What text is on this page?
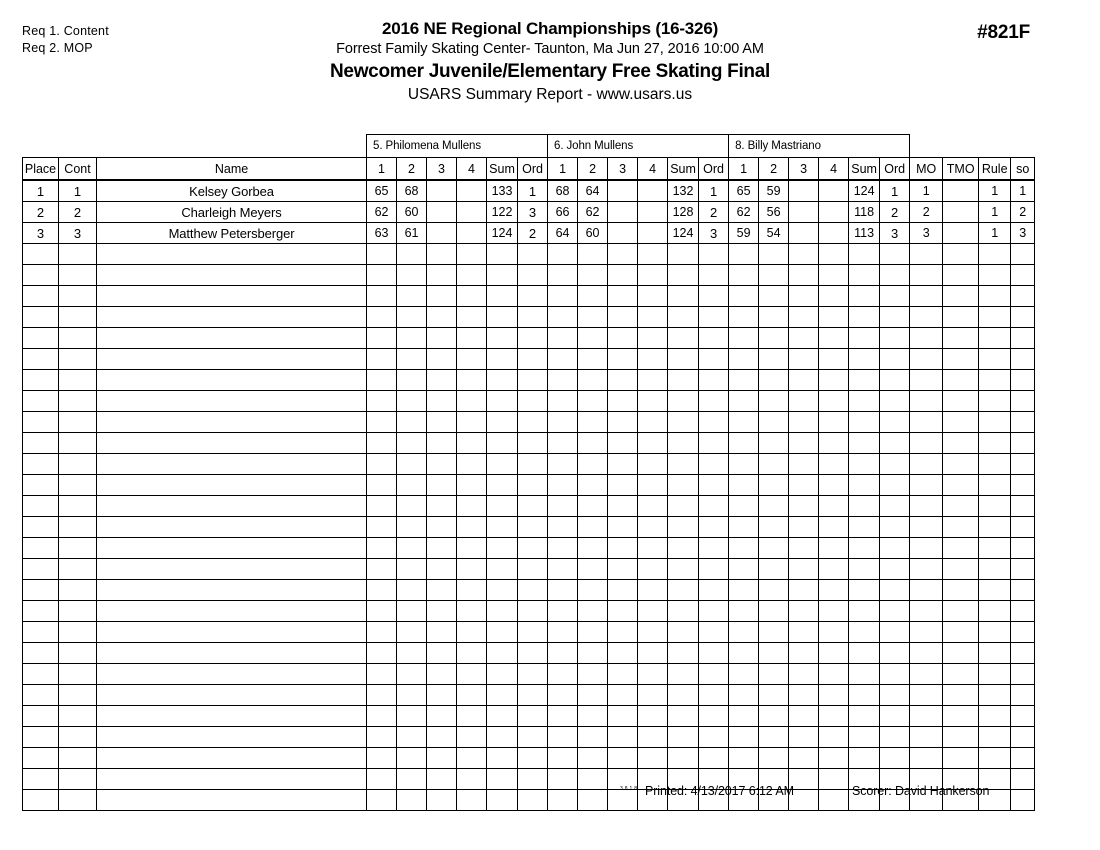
Req 1. Content
Req 2. MOP
2016 NE Regional Championships (16-326)
Forrest Family Skating Center- Taunton, Ma Jun 27, 2016 10:00 AM
Newcomer Juvenile/Elementary Free Skating Final
USARS Summary Report - www.usars.us
#821F
			5. Philomena Mullens						6. John Mullens						8. Billy Mastriano									
Place	Cont	Name	1	2	3	4	Sum	Ord	1	2	3	4	Sum	Ord	1	2	3	4	Sum	Ord	MO	TMO	Rule	so
1	1	Kelsey Gorbea	65	68			133	1	68	64			132	1	65	59			124	1	1		1	1
2	2	Charleigh Meyers	62	60			122	3	66	62			128	2	62	56			118	2	2		1	2
3	3	Matthew Petersberger	63	61			124	2	64	60			124	3	59	54			113	3	3		1	3

3.8.1.8 Printed: 4/13/2017 6:12 AM	Scorer: David Hankerson
